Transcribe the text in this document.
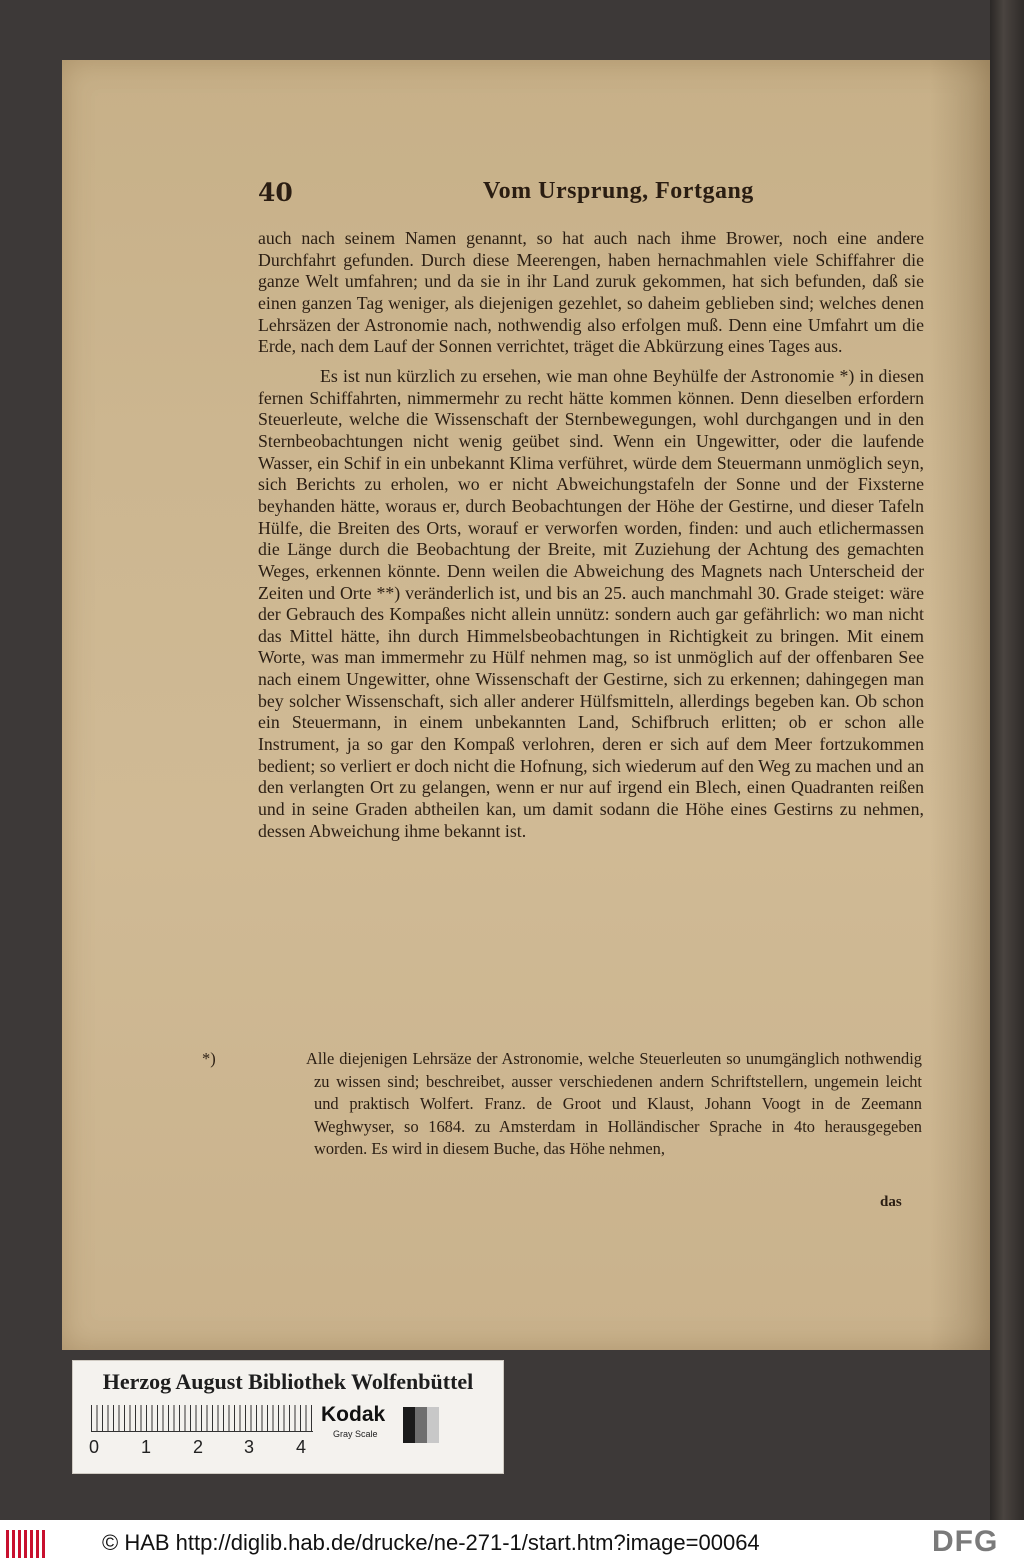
40	Vom Ursprung, Fortgang

auch nach seinem Namen genannt, so hat auch nach ihme Brower, noch eine andere Durchfahrt gefunden. Durch diese Meerengen, haben hernachmahlen viele Schiffahrer die ganze Welt umfahren; und da sie in ihr Land zuruk gekommen, hat sich befunden, daß sie einen ganzen Tag weniger, als diejenigen gezehlet, so daheim geblieben sind; welches denen Lehrsäzen der Astronomie nach, nothwendig also erfolgen muß. Denn eine Umfahrt um die Erde, nach dem Lauf der Sonnen verrichtet, träget die Abkürzung eines Tages aus.

Es ist nun kürzlich zu ersehen, wie man ohne Beyhülfe der Astronomie *) in diesen fernen Schiffahrten, nimmermehr zu recht hätte kommen können. Denn dieselben erfordern Steuerleute, welche die Wissenschaft der Sternbewegungen, wohl durchgangen und in den Sternbeobachtungen nicht wenig geübet sind. Wenn ein Ungewitter, oder die laufende Wasser, ein Schif in ein unbekannt Klima verführet, würde dem Steuermann unmöglich seyn, sich Berichts zu erholen, wo er nicht Abweichungstafeln der Sonne und der Fixsterne beyhanden hätte, woraus er, durch Beobachtungen der Höhe der Gestirne, und dieser Tafeln Hülfe, die Breiten des Orts, worauf er verworfen worden, finden: und auch etlichermassen die Länge durch die Beobachtung der Breite, mit Zuziehung der Achtung des gemachten Weges, erkennen könnte. Denn weilen die Abweichung des Magnets nach Unterscheid der Zeiten und Orte **) veränderlich ist, und bis an 25. auch manchmahl 30. Grade steiget: wäre der Gebrauch des Kompaßes nicht allein unnütz: sondern auch gar gefährlich: wo man nicht das Mittel hätte, ihn durch Himmelsbeobachtungen in Richtigkeit zu bringen. Mit einem Worte, was man immermehr zu Hülf nehmen mag, so ist unmöglich auf der offenbaren See nach einem Ungewitter, ohne Wissenschaft der Gestirne, sich zu erkennen; dahingegen man bey solcher Wissenschaft, sich aller anderer Hülfsmitteln, allerdings begeben kan. Ob schon ein Steuermann, in einem unbekannten Land, Schifbruch erlitten; ob er schon alle Instrument, ja so gar den Kompaß verlohren, deren er sich auf dem Meer fortzukommen bedient; so verliert er doch nicht die Hofnung, sich wiederum auf den Weg zu machen und an den verlangten Ort zu gelangen, wenn er nur auf irgend ein Blech, einen Quadranten reißen und in seine Graden abtheilen kan, um damit sodann die Höhe eines Gestirns zu nehmen, dessen Abweichung ihme bekannt ist.

*)	Alle diejenigen Lehrsäze der Astronomie, welche Steuerleuten so unumgänglich nothwendig zu wissen sind; beschreibet, ausser verschiedenen andern Schriftstellern, ungemein leicht und praktisch Wolfert. Franz. de Groot und Klaust, Johann Voogt in de Zeemann Weghwyser, so 1684. zu Amsterdam in Holländischer Sprache in 4to herausgegeben worden. Es wird in diesem Buche, das Höhe nehmen,
das
Herzog August Bibliothek Wolfenbüttel
0 1 2 3 4
Kodak
Gray Scale
© HAB http://diglib.hab.de/drucke/ne-271-1/start.htm?image=00064	DFG
